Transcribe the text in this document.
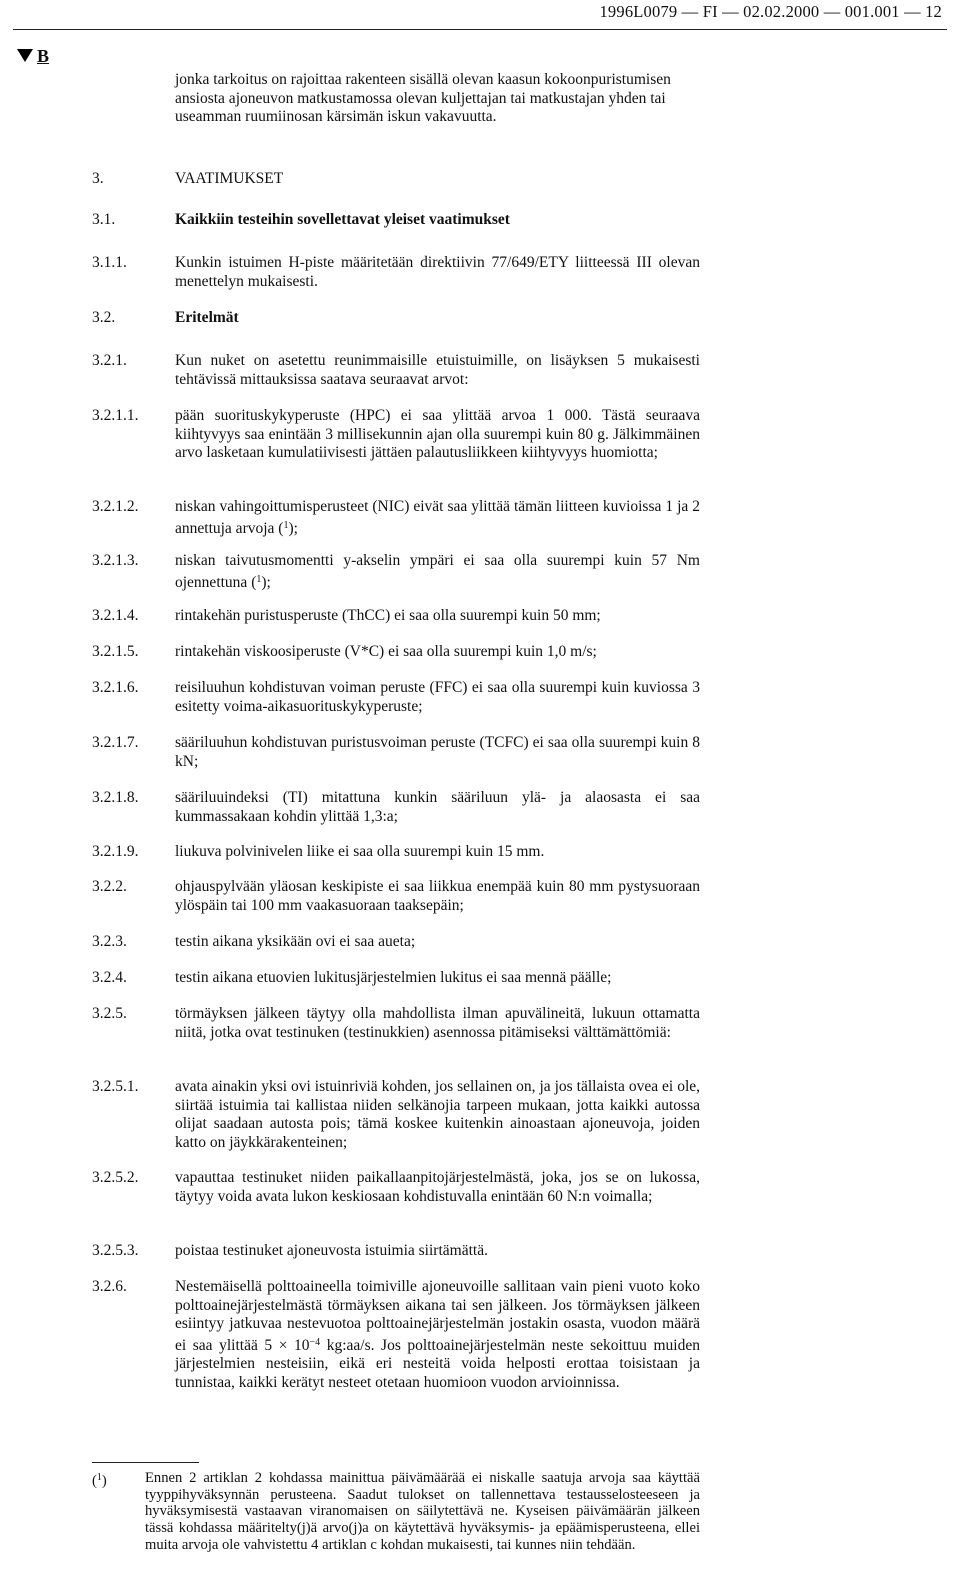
1996L0079 — FI — 02.02.2000 — 001.001 — 12
B
jonka tarkoitus on rajoittaa rakenteen sisällä olevan kaasun kokoonpuristumisen ansiosta ajoneuvon matkustamossa olevan kuljettajan tai matkustajan yhden tai useamman ruumiinosan kärsimän iskun vakavuutta.
3.	VAATIMUKSET
3.1.	Kaikkiin testeihin sovellettavat yleiset vaatimukset
3.1.1.	Kunkin istuimen H-piste määritetään direktiivin 77/649/ETY liitteessä III olevan menettelyn mukaisesti.
3.2.	Eritelmät
3.2.1.	Kun nuket on asetettu reunimmaisille etuistuimille, on lisäyksen 5 mukaisesti tehtävissä mittauksissa saatava seuraavat arvot:
3.2.1.1. pään suorituskykyperuste (HPC) ei saa ylittää arvoa 1 000. Tästä seuraava kiihtyvyys saa enintään 3 millisekunnin ajan olla suurempi kuin 80 g. Jälkimmäinen arvo lasketaan kumulatiivisesti jättäen palautusliikkeen kiihtyvyys huomiotta;
3.2.1.2. niskan vahingoittumisperusteet (NIC) eivät saa ylittää tämän liitteen kuvioissa 1 ja 2 annettuja arvoja ($^1$);
3.2.1.3. niskan taivutusmomentti y-akselin ympäri ei saa olla suurempi kuin 57 Nm ojennettuna ($^1$);
3.2.1.4. rintakehän puristusperuste (ThCC) ei saa olla suurempi kuin 50 mm;
3.2.1.5. rintakehän viskoosiperuste (V*C) ei saa olla suurempi kuin 1,0 m/s;
3.2.1.6. reisiluuhun kohdistuvan voiman peruste (FFC) ei saa olla suurempi kuin kuviossa 3 esitetty voima-aikasuorituskykyperuste;
3.2.1.7. sääriluuhun kohdistuvan puristusvoiman peruste (TCFC) ei saa olla suurempi kuin 8 kN;
3.2.1.8. sääriluuindeksi (TI) mitattuna kunkin sääriluun ylä- ja alaosasta ei saa kummassakaan kohdin ylittää 1,3:a;
3.2.1.9. liukuva polvinivelen liike ei saa olla suurempi kuin 15 mm.
3.2.2.	ohjauspylvään yläosan keskipiste ei saa liikkua enempää kuin 80 mm pystysuoraan ylöspäin tai 100 mm vaakasuoraan taaksepäin;
3.2.3.	testin aikana yksikään ovi ei saa aueta;
3.2.4.	testin aikana etuovien lukitusjärjestelmien lukitus ei saa mennä päälle;
3.2.5.	törmäyksen jälkeen täytyy olla mahdollista ilman apuvälineitä, lukuun ottamatta niitä, jotka ovat testinuken (testinukkien) asennossa pitämiseksi välttämättömiä:
3.2.5.1. avata ainakin yksi ovi istuinriviä kohden, jos sellainen on, ja jos tällaista ovea ei ole, siirtää istuimia tai kallistaa niiden selkänojia tarpeen mukaan, jotta kaikki autossa olijat saadaan autosta pois; tämä koskee kuitenkin ainoastaan ajoneuvoja, joiden katto on jäykkärakenteinen;
3.2.5.2. vapauttaa testinuket niiden paikallaanpitojärjestelmästä, joka, jos se on lukossa, täytyy voida avata lukon keskiosaan kohdistuvalla enintään 60 N:n voimalla;
3.2.5.3. poistaa testinuket ajoneuvosta istuimia siirtämättä.
3.2.6.	Nestemäisellä polttoaineella toimiville ajoneuvoille sallitaan vain pieni vuoto koko polttoainejärjestelmästä törmäyksen aikana tai sen jälkeen. Jos törmäyksen jälkeen esiintyy jatkuvaa nestevuotoa polttoainejärjestelmän jostakin osasta, vuodon määrä ei saa ylittää $5 \times 10^{-4}$ kg:aa/s. Jos polttoainejärjestelmän neste sekoittuu muiden järjestelmien nesteisiin, eikä eri nesteitä voida helposti erottaa toisistaan ja tunnistaa, kaikki kerätyt nesteet otetaan huomioon vuodon arvioinnissa.
($^1$)	Ennen 2 artiklan 2 kohdassa mainittua päivämäärää ei niskalle saatuja arvoja saa käyttää tyyppihyväksynnän perusteena. Saadut tulokset on tallennettava testausselosteeseen ja hyväksymisestä vastaavan viranomaisen on säilytettävä ne. Kyseisen päivämäärän jälkeen tässä kohdassa määritelty(j)ä arvo(j)a on käytettävä hyväksymis- ja epäämisperusteena, ellei muita arvoja ole vahvistettu 4 artiklan c kohdan mukaisesti, tai kunnes niin tehdään.
